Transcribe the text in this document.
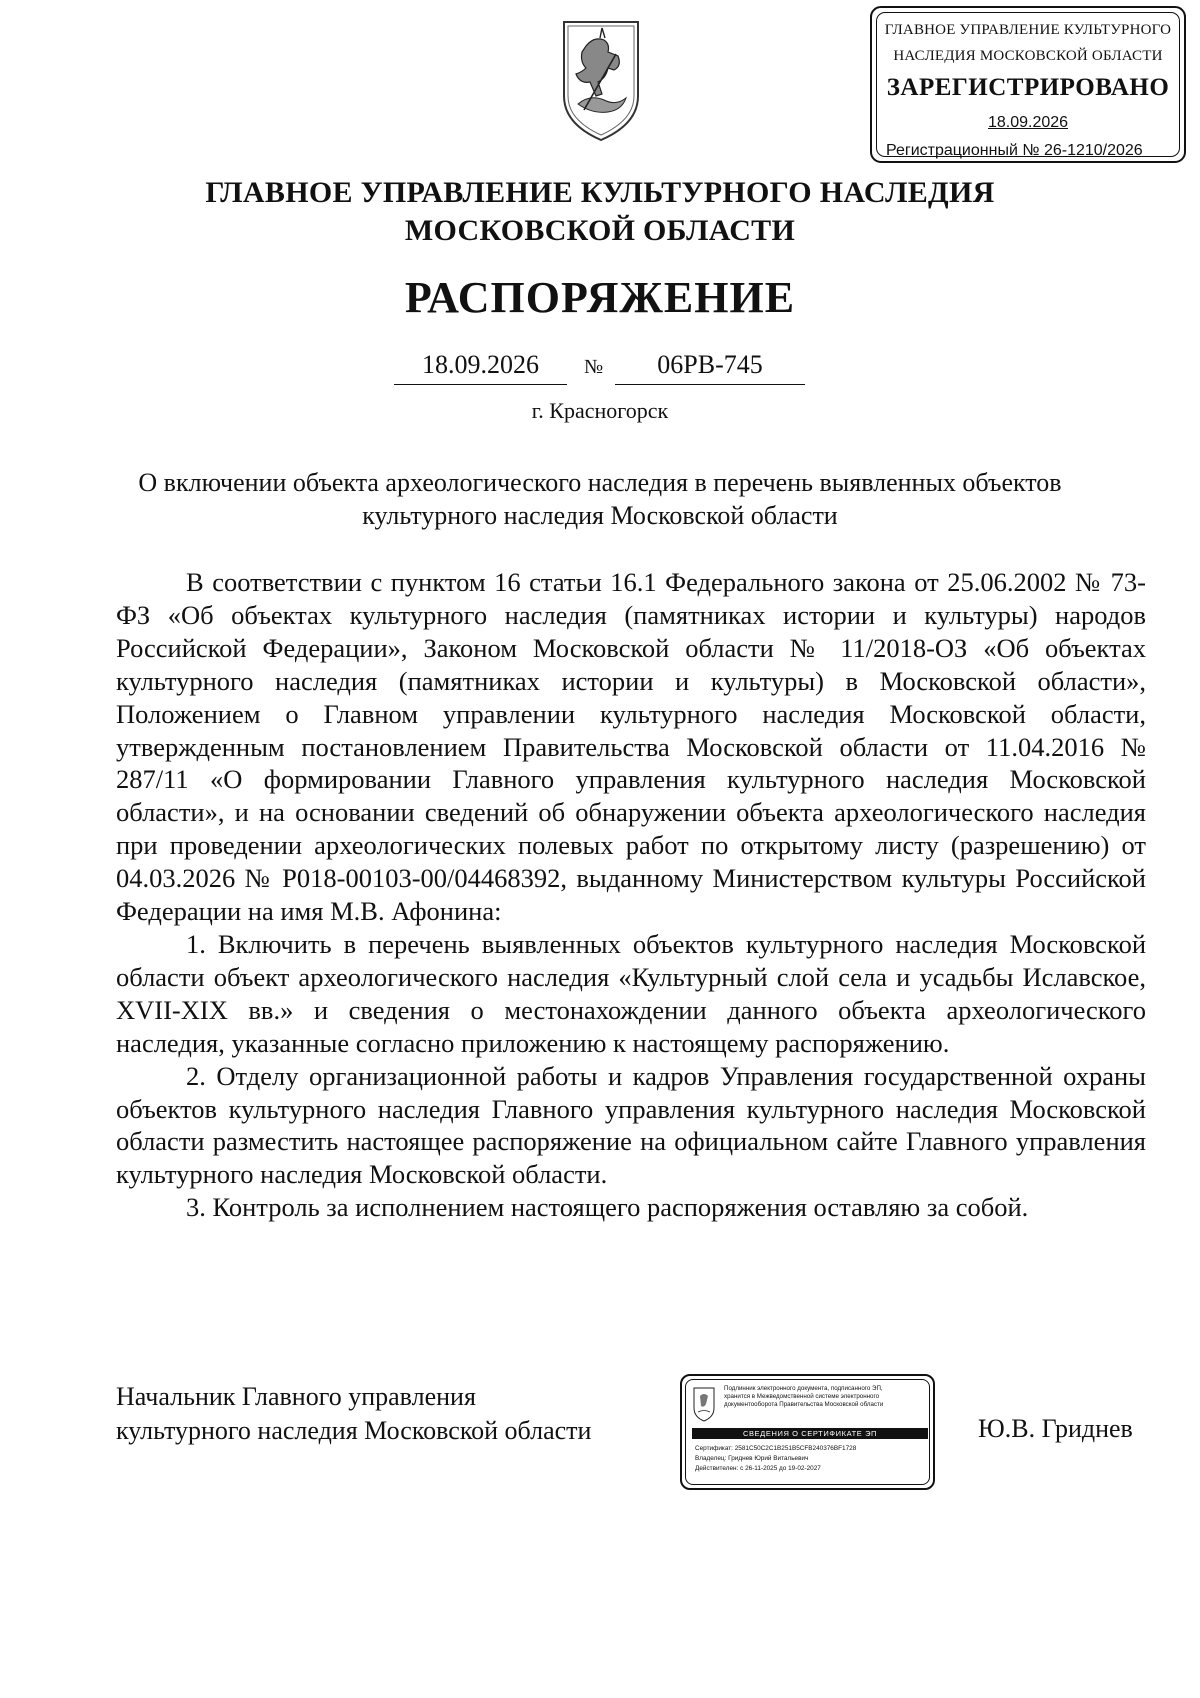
ГЛАВНОЕ УПРАВЛЕНИЕ КУЛЬТУРНОГО
НАСЛЕДИЯ МОСКОВСКОЙ ОБЛАСТИ
ЗАРЕГИСТРИРОВАНО
18.09.2026
Регистрационный № 26-1210/2026
ГЛАВНОЕ УПРАВЛЕНИЕ КУЛЬТУРНОГО НАСЛЕДИЯ
МОСКОВСКОЙ ОБЛАСТИ
РАСПОРЯЖЕНИЕ
18.09.2026	№	06РВ-745
г. Красногорск
О включении объекта археологического наследия в перечень выявленных объектов
культурного наследия Московской области

В соответствии с пунктом 16 статьи 16.1 Федерального закона от 25.06.2002 № 73-ФЗ «Об объектах культурного наследия (памятниках истории и культуры) народов Российской Федерации», Законом Московской области № 11/2018-ОЗ «Об объектах культурного наследия (памятниках истории и культуры) в Московской области», Положением о Главном управлении культурного наследия Московской области, утвержденным постановлением Правительства Московской области от 11.04.2016 № 287/11 «О формировании Главного управления культурного наследия Московской области», и на основании сведений об обнаружении объекта археологического наследия при проведении археологических полевых работ по открытому листу (разрешению) от 04.03.2026 № Р018-00103-00/04468392, выданному Министерством культуры Российской Федерации на имя М.В. Афонина:

1. Включить в перечень выявленных объектов культурного наследия Московской области объект археологического наследия «Культурный слой села и усадьбы Иславское, XVII-XIX вв.» и сведения о местонахождении данного объекта археологического наследия, указанные согласно приложению к настоящему распоряжению.

2. Отделу организационной работы и кадров Управления государственной охраны объектов культурного наследия Главного управления культурного наследия Московской области разместить настоящее распоряжение на официальном сайте Главного управления культурного наследия Московской области.

3. Контроль за исполнением настоящего распоряжения оставляю за собой.

Начальник Главного управления
культурного наследия Московской области
Подлинник электронного документа, подписанного ЭП,
хранится в Межведомственной системе электронного
документооборота Правительства Московской области
СВЕДЕНИЯ О СЕРТИФИКАТЕ ЭП
Сертификат: 2581C50C2C1B251B5CFB240376BF1728
Владелец: Гриднев Юрий Витальевич
Действителен: с 26-11-2025 до 19-02-2027
Ю.В. Гриднев
